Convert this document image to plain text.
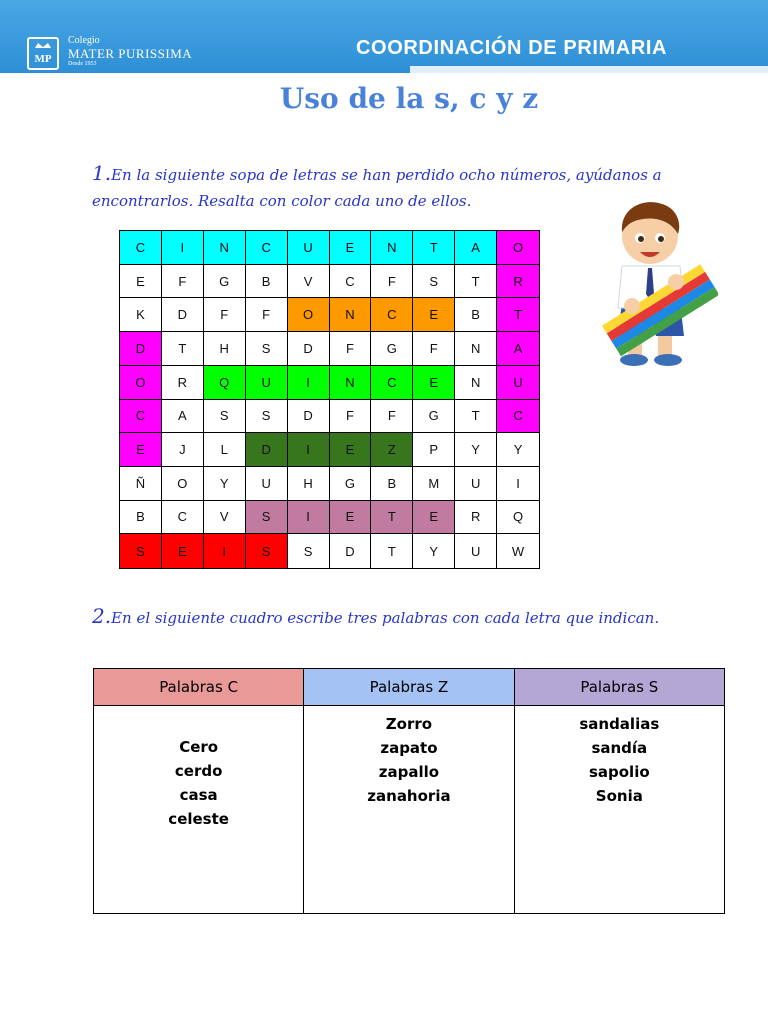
MP
Colegio
MATER PURISSIMA
Desde 1953
COORDINACIÓN DE PRIMARIA
Uso de la s, c y z
1.En la siguiente sopa de letras se han perdido ocho números, ayúdanos a encontrarlos. Resalta con color cada uno de ellos.
C	I	N	C	U	E	N	T	A	O
E	F	G	B	V	C	F	S	T	R
K	D	F	F	O	N	C	E	B	T
D	T	H	S	D	F	G	F	N	A
O	R	Q	U	I	N	C	E	N	U
C	A	S	S	D	F	F	G	T	C
E	J	L	D	I	E	Z	P	Y	Y
Ñ	O	Y	U	H	G	B	M	U	I
B	C	V	S	I	E	T	E	R	Q
S	E	I	S	S	D	T	Y	U	W
2.En el siguiente cuadro escribe tres palabras con cada letra que indican.
Palabras C	Palabras Z	Palabras S

Cero
cerdo
casa
celeste	Zorro
zapato
zapallo
zanahoria	sandalias
sandía
sapolio
Sonia
